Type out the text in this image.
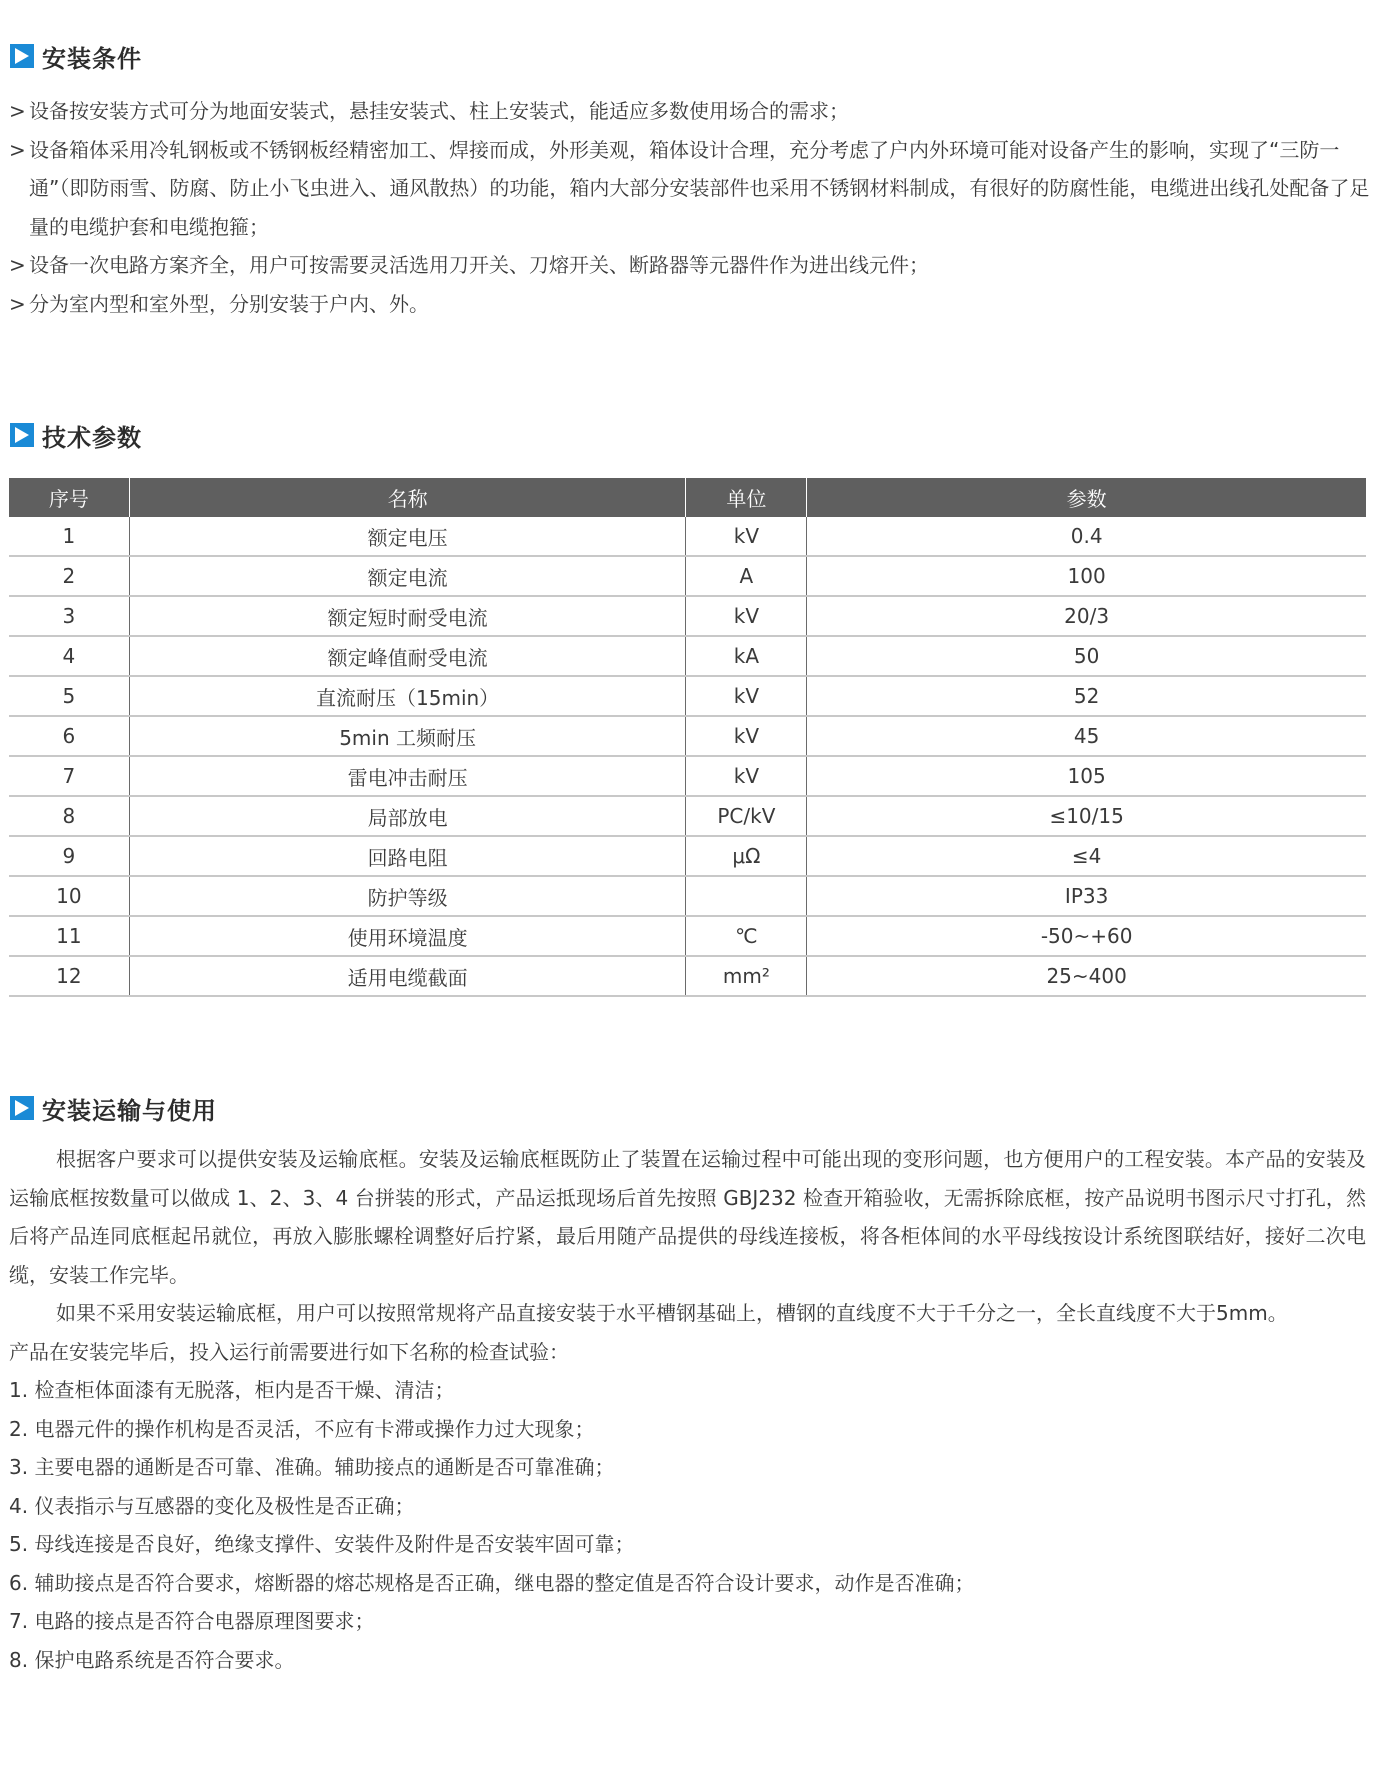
安装条件
> 设备按安装方式可分为地面安装式，悬挂安装式、柱上安装式，能适应多数使用场合的需求；
> 设备箱体采用冷轧钢板或不锈钢板经精密加工、焊接而成，外形美观，箱体设计合理，充分考虑了户内外环境可能对设备产生的影响，实现了“三防一通”（即防雨雪、防腐、防止小飞虫进入、通风散热）的功能，箱内大部分安装部件也采用不锈钢材料制成，有很好的防腐性能，电缆进出线孔处配备了足量的电缆护套和电缆抱箍；
> 设备一次电路方案齐全，用户可按需要灵活选用刀开关、刀熔开关、断路器等元器件作为进出线元件；
> 分为室内型和室外型，分别安装于户内、外。
技术参数
序号	名称	单位	参数
1	额定电压	kV	0.4
2	额定电流	A	100
3	额定短时耐受电流	kV	20/3
4	额定峰值耐受电流	kA	50
5	直流耐压（15min）	kV	52
6	5min 工频耐压	kV	45
7	雷电冲击耐压	kV	105
8	局部放电	PC/kV	≤10/15
9	回路电阻	μΩ	≤4
10	防护等级		IP33
11	使用环境温度	℃	-50~+60
12	适用电缆截面	mm²	25~400
安装运输与使用

根据客户要求可以提供安装及运输底框。安装及运输底框既防止了装置在运输过程中可能出现的变形问题，也方便用户的工程安装。本产品的安装及运输底框按数量可以做成 1、2、3、4 台拼装的形式，产品运抵现场后首先按照 GBJ232 检查开箱验收，无需拆除底框，按产品说明书图示尺寸打孔，然后将产品连同底框起吊就位，再放入膨胀螺栓调整好后拧紧，最后用随产品提供的母线连接板，将各柜体间的水平母线按设计系统图联结好，接好二次电缆，安装工作完毕。

如果不采用安装运输底框，用户可以按照常规将产品直接安装于水平槽钢基础上，槽钢的直线度不大于千分之一，全长直线度不大于5mm。

产品在安装完毕后，投入运行前需要进行如下名称的检查试验：

1. 检查柜体面漆有无脱落，柜内是否干燥、清洁；

2. 电器元件的操作机构是否灵活，不应有卡滞或操作力过大现象；

3. 主要电器的通断是否可靠、准确。辅助接点的通断是否可靠准确；

4. 仪表指示与互感器的变化及极性是否正确；

5. 母线连接是否良好，绝缘支撑件、安装件及附件是否安装牢固可靠；

6. 辅助接点是否符合要求，熔断器的熔芯规格是否正确，继电器的整定值是否符合设计要求，动作是否准确；

7. 电路的接点是否符合电器原理图要求；

8. 保护电路系统是否符合要求。
